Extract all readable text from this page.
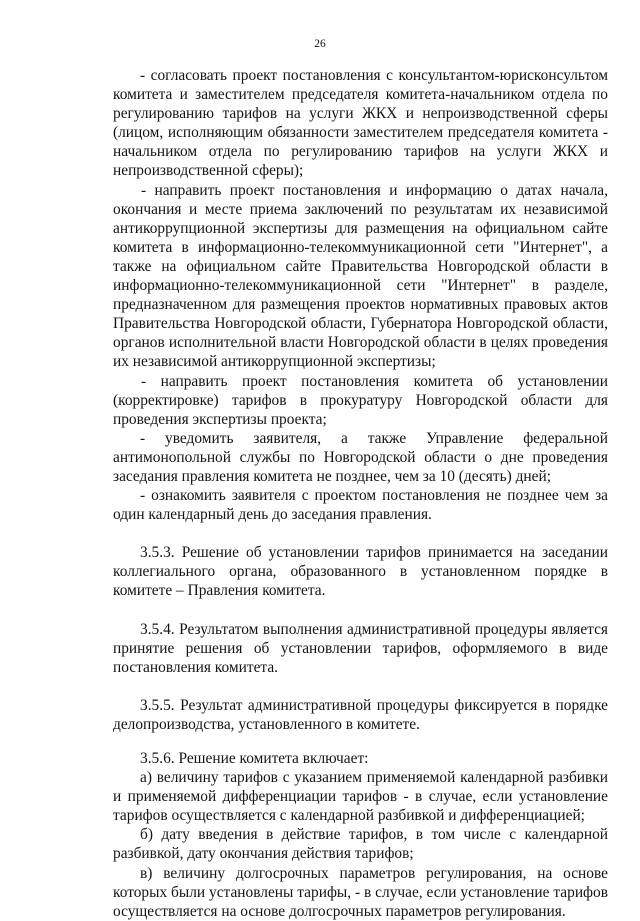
26

- согласовать проект постановления с консультантом-юрисконсультом комитета и заместителем председателя комитета-начальником отдела по регулированию тарифов на услуги ЖКХ и непроизводственной сферы (лицом, исполняющим обязанности заместителем председателя комитета - начальником отдела по регулированию тарифов на услуги ЖКХ и непроизводственной сферы);

- направить проект постановления и информацию о датах начала, окончания и месте приема заключений по результатам их независимой антикоррупционной экспертизы для размещения на официальном сайте комитета в информационно-телекоммуникационной сети "Интернет", а также на официальном сайте Правительства Новгородской области в информационно-телекоммуникационной сети "Интернет" в разделе, предназначенном для размещения проектов нормативных правовых актов Правительства Новгородской области, Губернатора Новгородской области, органов исполнительной власти Новгородской области в целях проведения их независимой антикоррупционной экспертизы;

- направить проект постановления комитета об установлении (корректировке) тарифов в прокуратуру Новгородской области для проведения экспертизы проекта;

- уведомить заявителя, а также Управление федеральной антимонопольной службы по Новгородской области о дне проведения заседания правления комитета не позднее, чем за 10 (десять) дней;

- ознакомить заявителя с проектом постановления не позднее чем за один календарный день до заседания правления.

3.5.3. Решение об установлении тарифов принимается на заседании коллегиального органа, образованного в установленном порядке в комитете – Правления комитета.

3.5.4. Результатом выполнения административной процедуры является принятие решения об установлении тарифов, оформляемого в виде постановления комитета.

3.5.5. Результат административной процедуры фиксируется в порядке делопроизводства, установленного в комитете.

3.5.6. Решение комитета включает:

а) величину тарифов с указанием применяемой календарной разбивки и применяемой дифференциации тарифов - в случае, если установление тарифов осуществляется с календарной разбивкой и дифференциацией;

б) дату введения в действие тарифов, в том числе с календарной разбивкой, дату окончания действия тарифов;

в) величину долгосрочных параметров регулирования, на основе которых были установлены тарифы, - в случае, если установление тарифов осуществляется на основе долгосрочных параметров регулирования.
